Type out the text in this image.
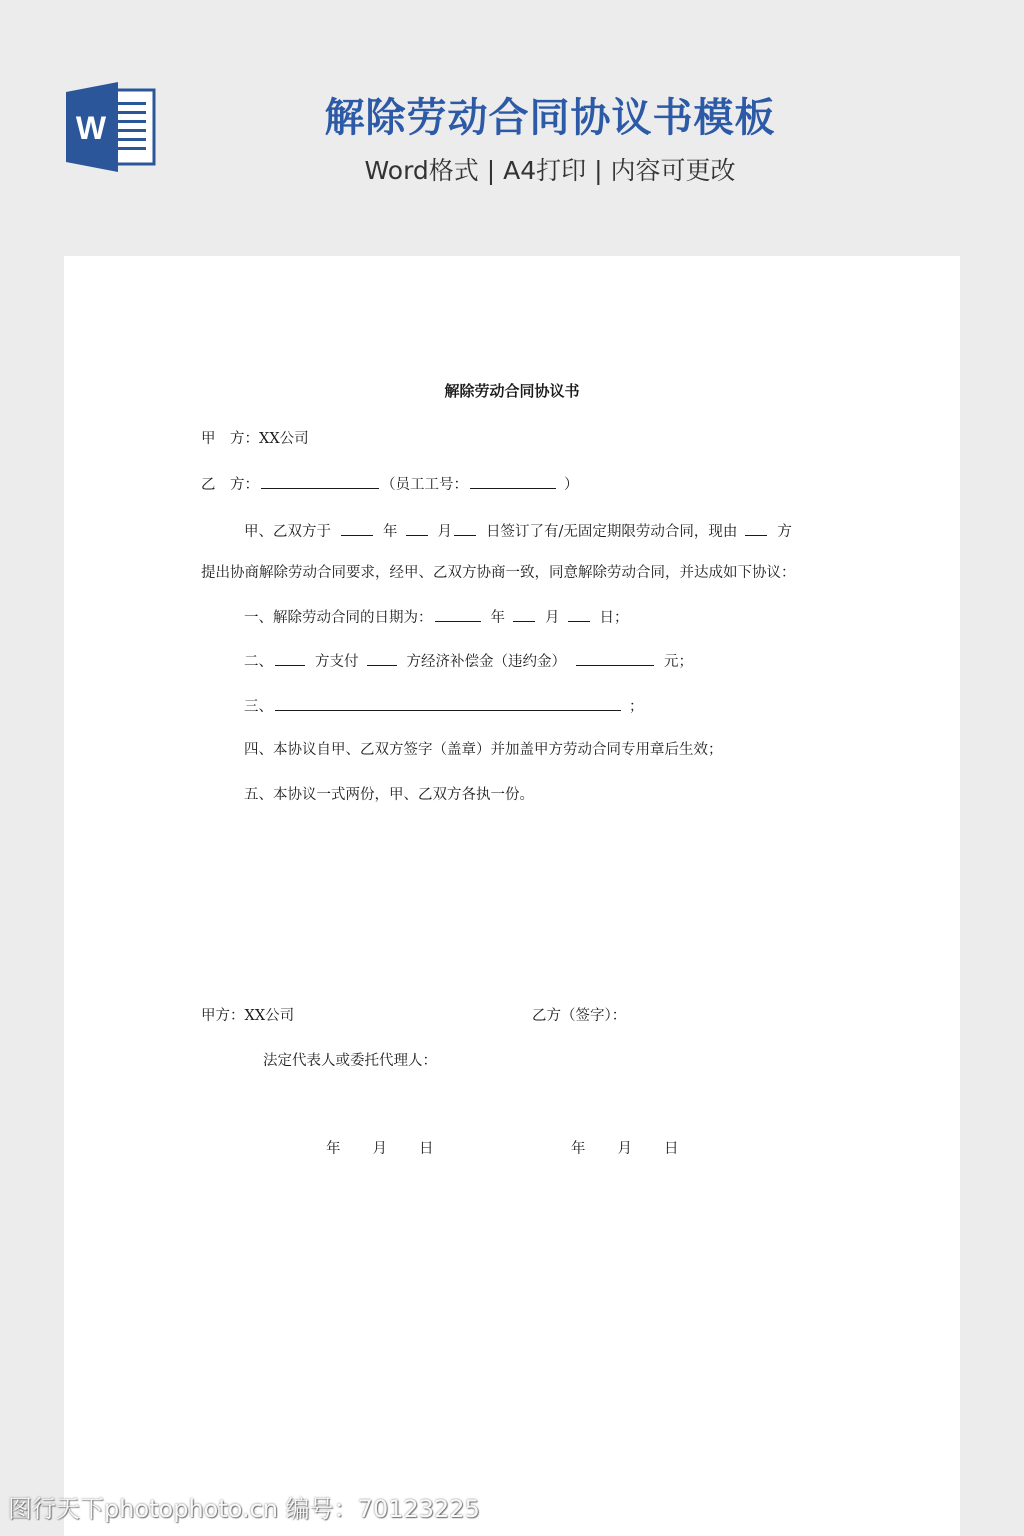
W	解除劳动合同协议书模板
Word格式 | A4打印 | 内容可更改
解除劳动合同协议书
甲　方：XX公司
乙　方：	（员工工号：	）
甲、乙双方于	年	月 日签订了有/无固定期限劳动合同，现由	方
提出协商解除劳动合同要求，经甲、乙双方协商一致，同意解除劳动合同，并达成如下协议：
一、解除劳动合同的日期为：	年	月	日；
二、	方支付	方经济补偿金（违约金）	元；
三、	；
四、本协议自甲、乙双方签字（盖章）并加盖甲方劳动合同专用章后生效；
五、本协议一式两份，甲、乙双方各执一份。
甲方：XX公司	乙方（签字）：
法定代表人或委托代理人：
年 月 日	年 月 日
图行天下photophoto.cn 编号：70123225
